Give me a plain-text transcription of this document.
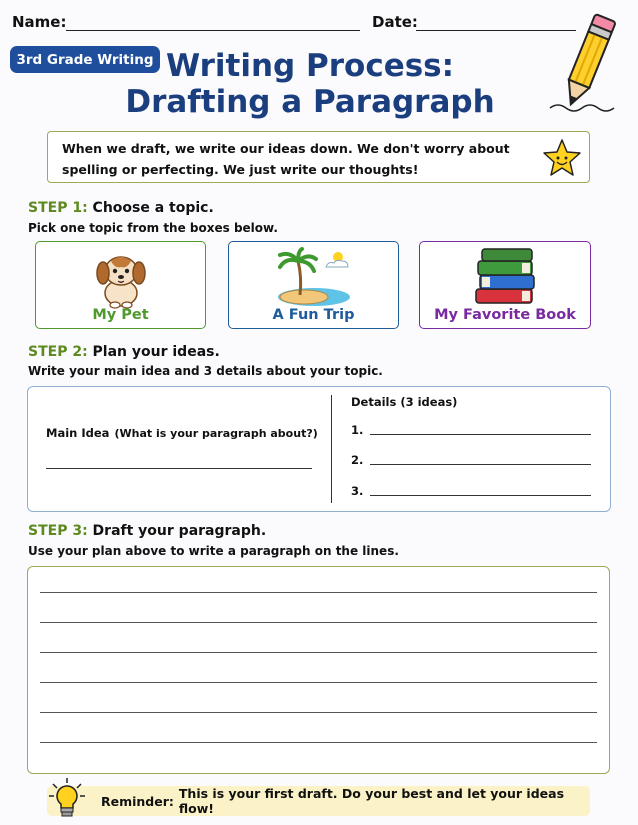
Name:	Date:
3rd Grade Writing Writing Process:
Drafting a Paragraph
When we draft, we write our ideas down. We don't worry about spelling or perfecting. We just write our thoughts!
STEP 1: Choose a topic.
Pick one topic from the boxes below.
My Pet	A Fun Trip	My Favorite Book
STEP 2: Plan your ideas.
Write your main idea and 3 details about your topic.
Main Idea (What is your paragraph about?)
Details (3 ideas)
1.
2.
3.
STEP 3: Draft your paragraph.
Use your plan above to write a paragraph on the lines.
Reminder: This is your first draft. Do your best and let your ideas flow!
